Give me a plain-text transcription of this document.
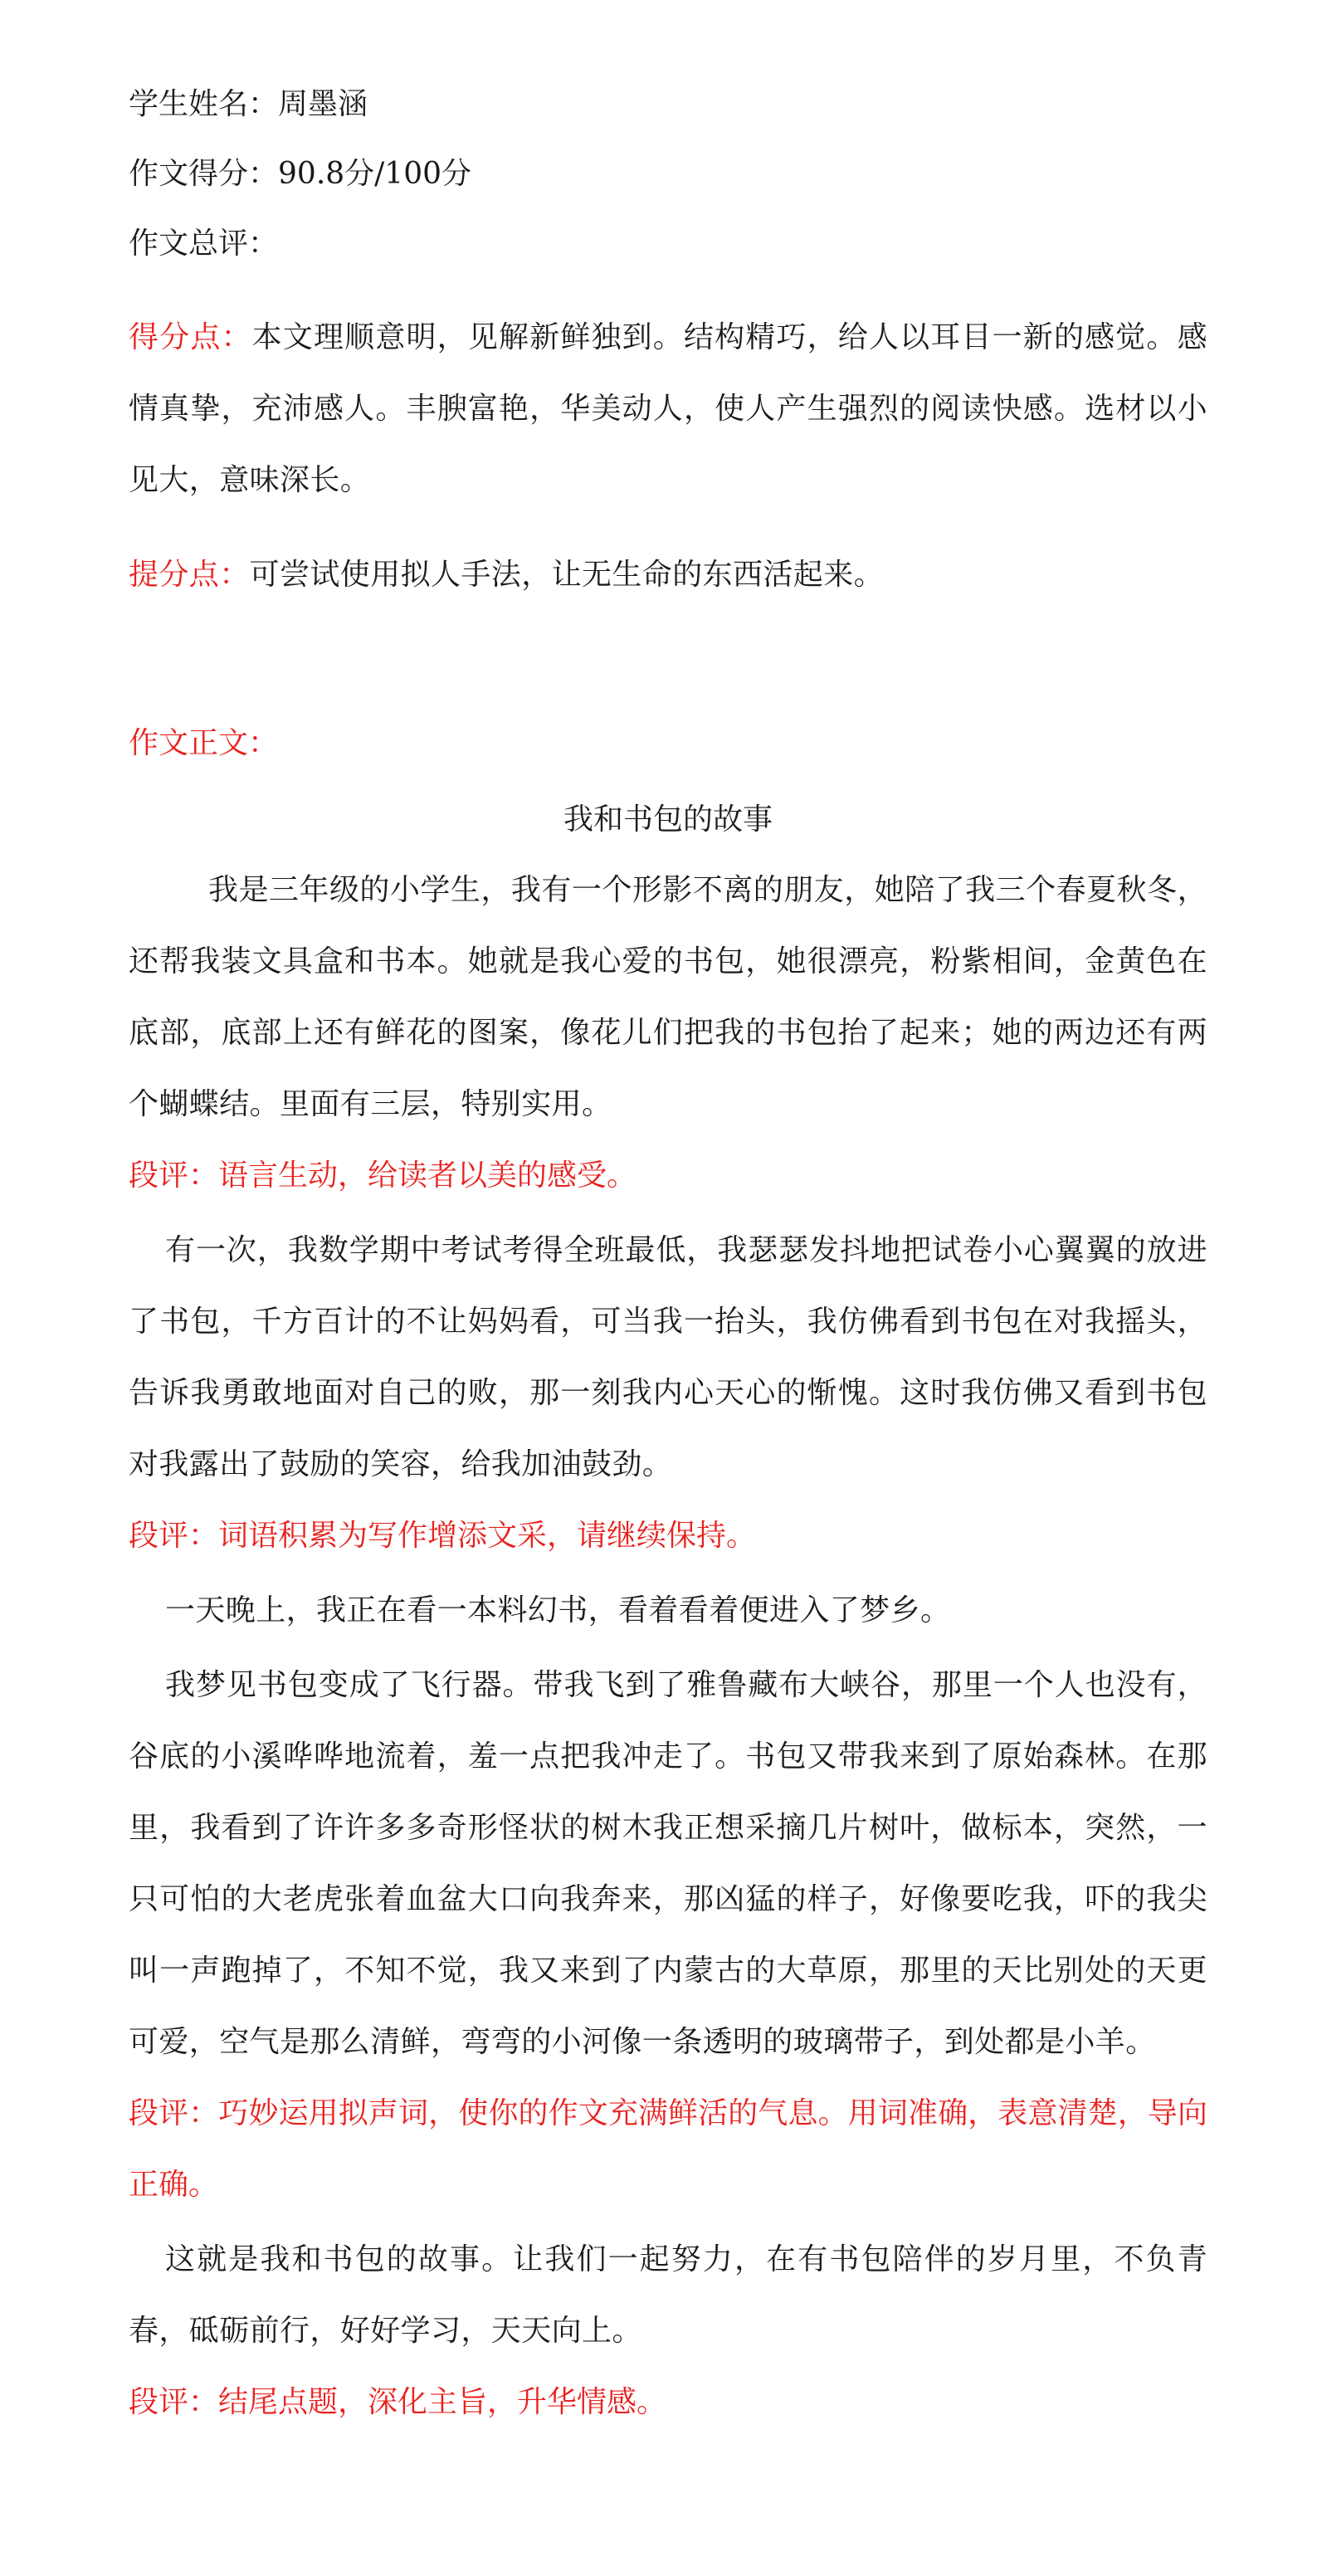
学生姓名：周墨涵
作文得分：90.8分/100分
作文总评：
得分点：本文理顺意明，见解新鲜独到。结构精巧，给人以耳目一新的感觉。感情真挚，充沛感人。丰腴富艳，华美动人，使人产生强烈的阅读快感。选材以小见大，意味深长。
提分点：可尝试使用拟人手法，让无生命的东西活起来。
作文正文：
我和书包的故事
我是三年级的小学生，我有一个形影不离的朋友，她陪了我三个春夏秋冬，还帮我装文具盒和书本。她就是我心爱的书包，她很漂亮，粉紫相间，金黄色在底部，底部上还有鲜花的图案，像花儿们把我的书包抬了起来；她的两边还有两个蝴蝶结。里面有三层，特别实用。
段评：语言生动，给读者以美的感受。
有一次，我数学期中考试考得全班最低，我瑟瑟发抖地把试卷小心翼翼的放进了书包，千方百计的不让妈妈看，可当我一抬头，我仿佛看到书包在对我摇头，告诉我勇敢地面对自己的败，那一刻我内心天心的惭愧。这时我仿佛又看到书包对我露出了鼓励的笑容，给我加油鼓劲。
段评：词语积累为写作增添文采，请继续保持。
一天晚上，我正在看一本料幻书，看着看着便进入了梦乡。
我梦见书包变成了飞行器。带我飞到了雅鲁藏布大峡谷，那里一个人也没有，谷底的小溪哗哗地流着，羞一点把我冲走了。书包又带我来到了原始森林。在那里，我看到了许许多多奇形怪状的树木我正想采摘几片树叶，做标本，突然，一只可怕的大老虎张着血盆大口向我奔来，那凶猛的样子，好像要吃我，吓的我尖叫一声跑掉了，不知不觉，我又来到了内蒙古的大草原，那里的天比别处的天更可爱，空气是那么清鲜，弯弯的小河像一条透明的玻璃带子，到处都是小羊。
段评：巧妙运用拟声词，使你的作文充满鲜活的气息。用词准确，表意清楚，导向正确。
这就是我和书包的故事。让我们一起努力，在有书包陪伴的岁月里，不负青春，砥砺前行，好好学习，天天向上。
段评：结尾点题，深化主旨，升华情感。
